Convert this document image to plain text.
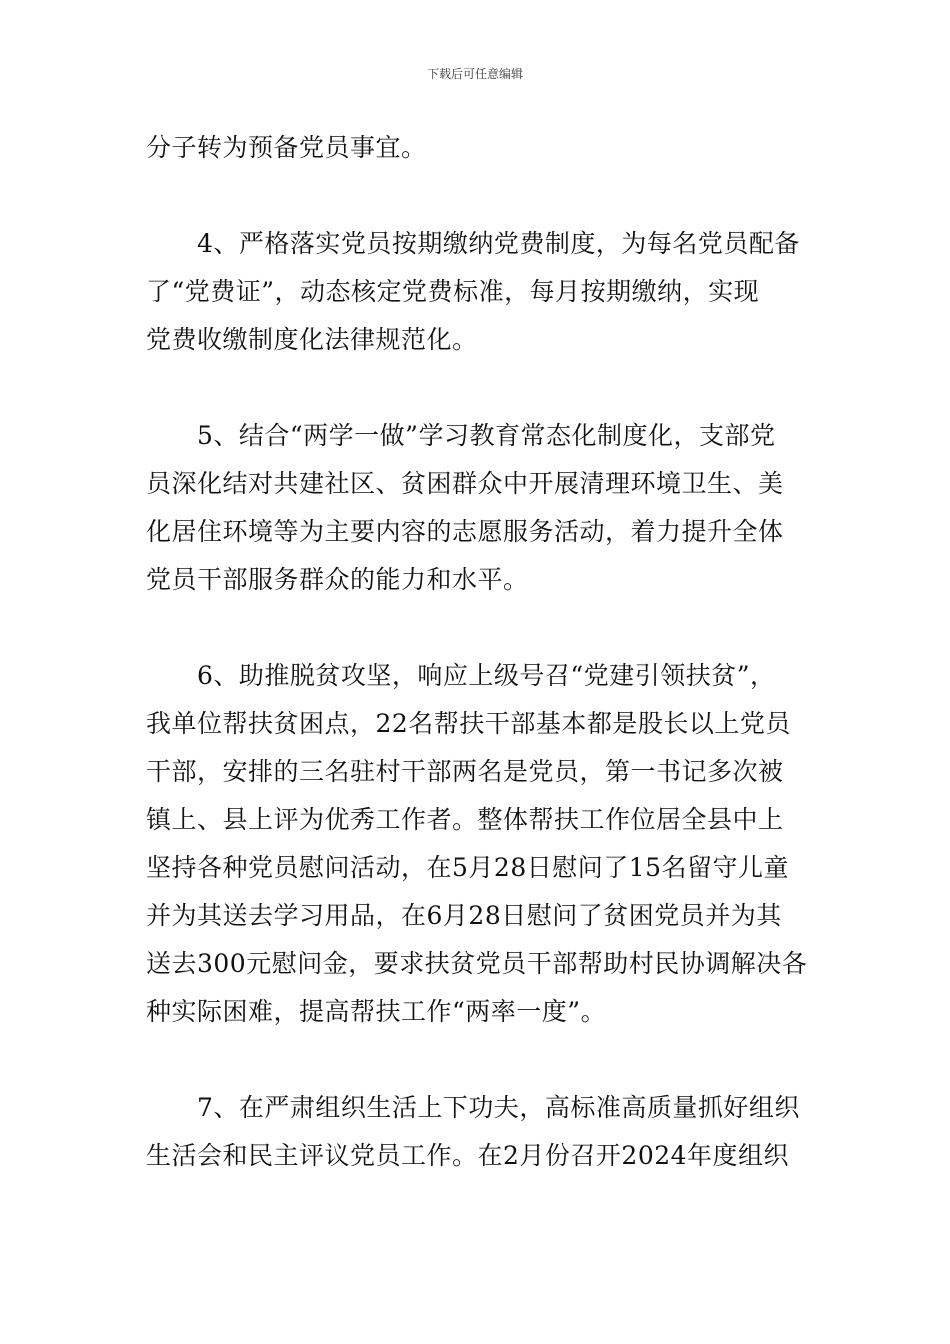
下载后可任意编辑
分子转为预备党员事宜。
　　4、严格落实党员按期缴纳党费制度，为每名党员配备
了“党费证”，动态核定党费标准，每月按期缴纳，实现
党费收缴制度化法律规范化。
　　5、结合“两学一做”学习教育常态化制度化，支部党
员深化结对共建社区、贫困群众中开展清理环境卫生、美
化居住环境等为主要内容的志愿服务活动，着力提升全体
党员干部服务群众的能力和水平。
　　6、助推脱贫攻坚，响应上级号召“党建引领扶贫”，
我单位帮扶贫困点，22名帮扶干部基本都是股长以上党员
干部，安排的三名驻村干部两名是党员，第一书记多次被
镇上、县上评为优秀工作者。整体帮扶工作位居全县中上
坚持各种党员慰问活动，在5月28日慰问了15名留守儿童
并为其送去学习用品，在6月28日慰问了贫困党员并为其
送去300元慰问金，要求扶贫党员干部帮助村民协调解决各
种实际困难，提高帮扶工作“两率一度”。
　　7、在严肃组织生活上下功夫，高标准高质量抓好组织
生活会和民主评议党员工作。在2月份召开2024年度组织
